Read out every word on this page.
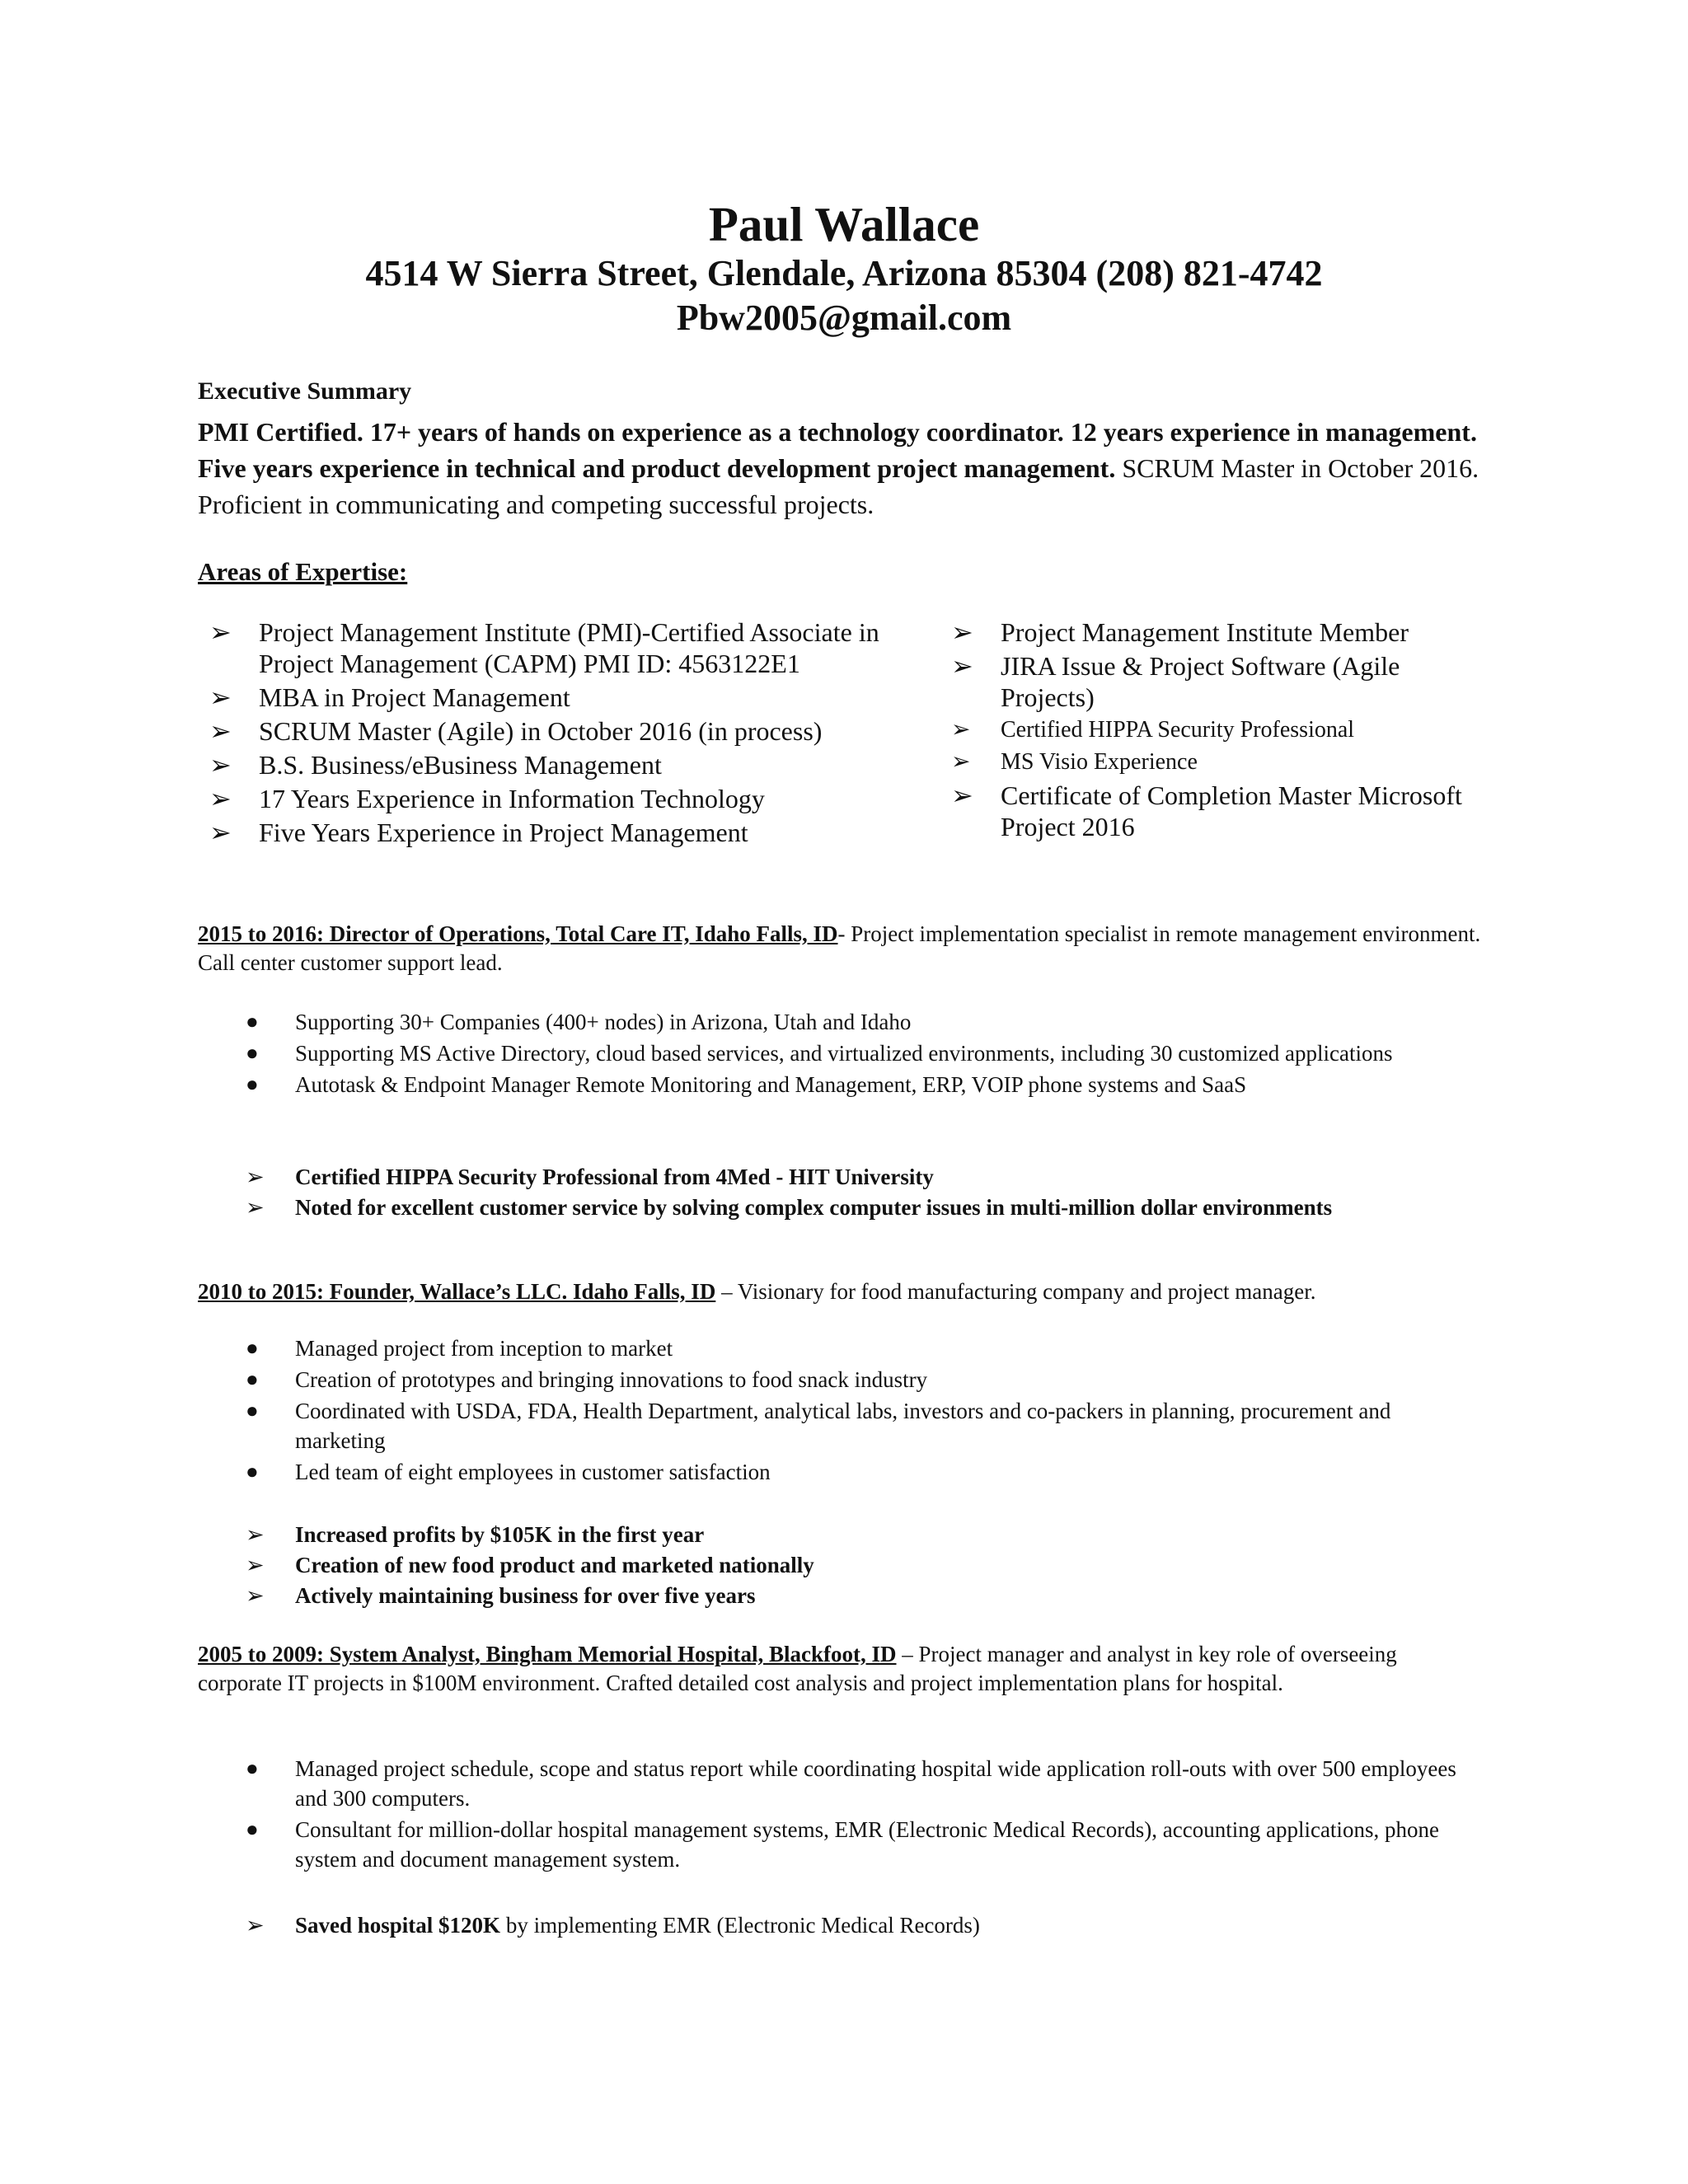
Paul Wallace
4514 W Sierra Street, Glendale, Arizona 85304 (208) 821-4742
Pbw2005@gmail.com
Executive Summary
PMI Certified. 17+ years of hands on experience as a technology coordinator. 12 years experience in management. Five years experience in technical and product development project management. SCRUM Master in October 2016. Proficient in communicating and competing successful projects.
Areas of Expertise:
➢ Project Management Institute (PMI)-Certified Associate in Project Management (CAPM) PMI ID: 4563122E1
➢ MBA in Project Management
➢ SCRUM Master (Agile) in October 2016 (in process)
➢ B.S. Business/eBusiness Management
➢ 17 Years Experience in Information Technology
➢ Five Years Experience in Project Management
➢ Project Management Institute Member
➢ JIRA Issue & Project Software (Agile Projects)
➢ Certified HIPPA Security Professional
➢ MS Visio Experience
➢ Certificate of Completion Master Microsoft Project 2016
2015 to 2016: Director of Operations, Total Care IT, Idaho Falls, ID- Project implementation specialist in remote management environment. Call center customer support lead.
● Supporting 30+ Companies (400+ nodes) in Arizona, Utah and Idaho
● Supporting MS Active Directory, cloud based services, and virtualized environments, including 30 customized applications
● Autotask & Endpoint Manager Remote Monitoring and Management, ERP, VOIP phone systems and SaaS
➢ Certified HIPPA Security Professional from 4Med - HIT University
➢ Noted for excellent customer service by solving complex computer issues in multi-million dollar environments
2010 to 2015: Founder, Wallace’s LLC. Idaho Falls, ID – Visionary for food manufacturing company and project manager.
● Managed project from inception to market
● Creation of prototypes and bringing innovations to food snack industry
● Coordinated with USDA, FDA, Health Department, analytical labs, investors and co-packers in planning, procurement and marketing
● Led team of eight employees in customer satisfaction
➢ Increased profits by $105K in the first year
➢ Creation of new food product and marketed nationally
➢ Actively maintaining business for over five years
2005 to 2009: System Analyst, Bingham Memorial Hospital, Blackfoot, ID – Project manager and analyst in key role of overseeing corporate IT projects in $100M environment. Crafted detailed cost analysis and project implementation plans for hospital.
● Managed project schedule, scope and status report while coordinating hospital wide application roll-outs with over 500 employees and 300 computers.
● Consultant for million-dollar hospital management systems, EMR (Electronic Medical Records), accounting applications, phone system and document management system.
➢ Saved hospital $120K by implementing EMR (Electronic Medical Records)
